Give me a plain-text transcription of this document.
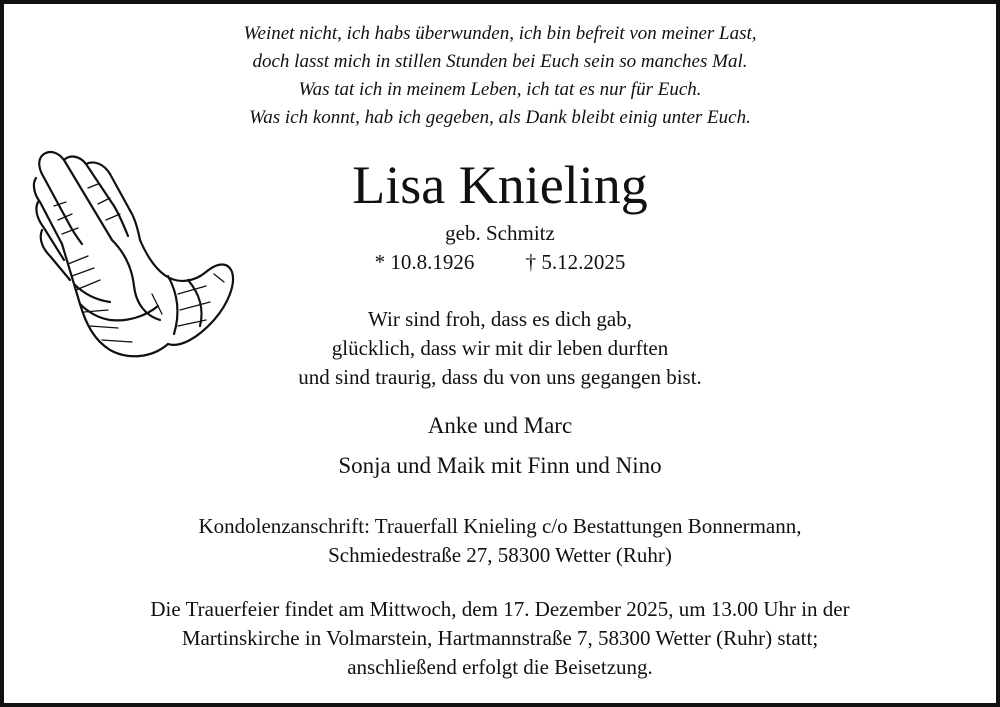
Weinet nicht, ich habs überwunden, ich bin befreit von meiner Last,
doch lasst mich in stillen Stunden bei Euch sein so manches Mal.
Was tat ich in meinem Leben, ich tat es nur für Euch.
Was ich konnt, hab ich gegeben, als Dank bleibt einig unter Euch.
Lisa Knieling
geb. Schmitz
* 10.8.1926 † 5.12.2025
Wir sind froh, dass es dich gab,
glücklich, dass wir mit dir leben durften
und sind traurig, dass du von uns gegangen bist.
Anke und Marc
Sonja und Maik mit Finn und Nino
Kondolenzanschrift: Trauerfall Knieling c/o Bestattungen Bonnermann,
Schmiedestraße 27, 58300 Wetter (Ruhr)
Die Trauerfeier findet am Mittwoch, dem 17. Dezember 2025, um 13.00 Uhr in der
Martinskirche in Volmarstein, Hartmannstraße 7, 58300 Wetter (Ruhr) statt;
anschließend erfolgt die Beisetzung.
